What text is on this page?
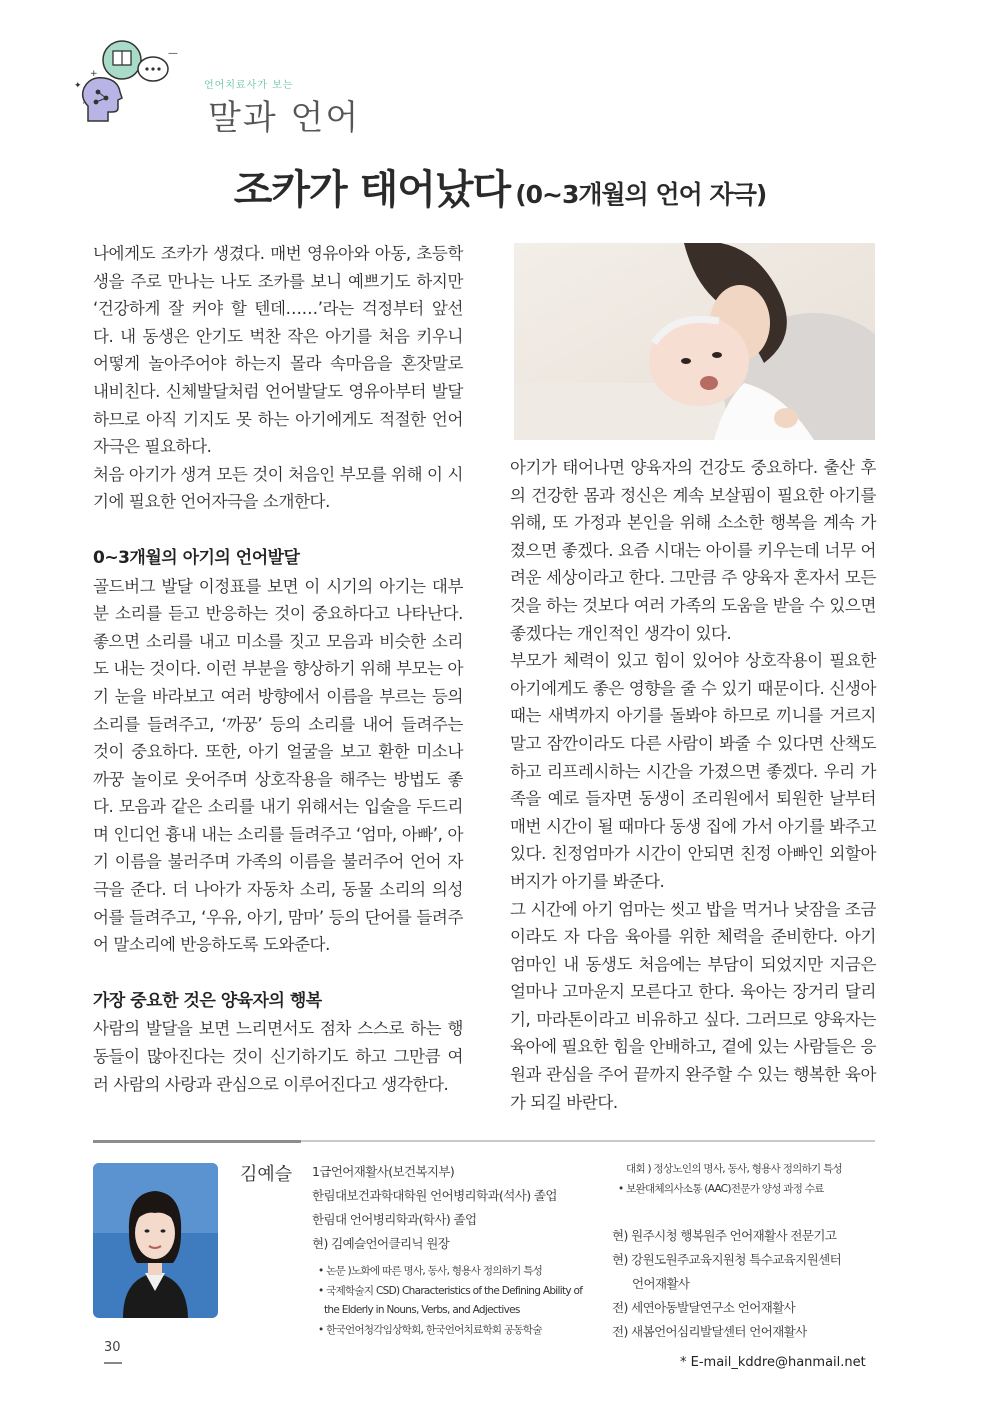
+
✦
·
—
언어치료사가 보는
말과 언어
조카가 태어났다 (0~3개월의 언어 자극)

나에게도 조카가 생겼다. 매번 영유아와 아동, 초등학생을 주로 만나는 나도 조카를 보니 예쁘기도 하지만 ‘건강하게 잘 커야 할 텐데……’라는 걱정부터 앞선다. 내 동생은 안기도 벅찬 작은 아기를 처음 키우니 어떻게 놀아주어야 하는지 몰라 속마음을 혼잣말로 내비친다. 신체발달처럼 언어발달도 영유아부터 발달하므로 아직 기지도 못 하는 아기에게도 적절한 언어 자극은 필요하다.

처음 아기가 생겨 모든 것이 처음인 부모를 위해 이 시기에 필요한 언어자극을 소개한다.

0~3개월의 아기의 언어발달

골드버그 발달 이정표를 보면 이 시기의 아기는 대부분 소리를 듣고 반응하는 것이 중요하다고 나타난다. 좋으면 소리를 내고 미소를 짓고 모음과 비슷한 소리도 내는 것이다. 이런 부분을 향상하기 위해 부모는 아기 눈을 바라보고 여러 방향에서 이름을 부르는 등의 소리를 들려주고, ‘까꿍’ 등의 소리를 내어 들려주는 것이 중요하다. 또한, 아기 얼굴을 보고 환한 미소나 까꿍 놀이로 웃어주며 상호작용을 해주는 방법도 좋다. 모음과 같은 소리를 내기 위해서는 입술을 두드리며 인디언 흉내 내는 소리를 들려주고 ‘엄마, 아빠’, 아기 이름을 불러주며 가족의 이름을 불러주어 언어 자극을 준다. 더 나아가 자동차 소리, 동물 소리의 의성어를 들려주고, ‘우유, 아기, 맘마’ 등의 단어를 들려주어 말소리에 반응하도록 도와준다.

가장 중요한 것은 양육자의 행복

사람의 발달을 보면 느리면서도 점차 스스로 하는 행동들이 많아진다는 것이 신기하기도 하고 그만큼 여러 사람의 사랑과 관심으로 이루어진다고 생각한다.

아기가 태어나면 양육자의 건강도 중요하다. 출산 후의 건강한 몸과 정신은 계속 보살핌이 필요한 아기를 위해, 또 가정과 본인을 위해 소소한 행복을 계속 가졌으면 좋겠다. 요즘 시대는 아이를 키우는데 너무 어려운 세상이라고 한다. 그만큼 주 양육자 혼자서 모든 것을 하는 것보다 여러 가족의 도움을 받을 수 있으면 좋겠다는 개인적인 생각이 있다.

부모가 체력이 있고 힘이 있어야 상호작용이 필요한 아기에게도 좋은 영향을 줄 수 있기 때문이다. 신생아 때는 새벽까지 아기를 돌봐야 하므로 끼니를 거르지 말고 잠깐이라도 다른 사람이 봐줄 수 있다면 산책도 하고 리프레시하는 시간을 가졌으면 좋겠다. 우리 가족을 예로 들자면 동생이 조리원에서 퇴원한 날부터 매번 시간이 될 때마다 동생 집에 가서 아기를 봐주고 있다. 친정엄마가 시간이 안되면 친정 아빠인 외할아버지가 아기를 봐준다.

그 시간에 아기 엄마는 씻고 밥을 먹거나 낮잠을 조금이라도 자 다음 육아를 위한 체력을 준비한다. 아기 엄마인 내 동생도 처음에는 부담이 되었지만 지금은 얼마나 고마운지 모른다고 한다. 육아는 장거리 달리기, 마라톤이라고 비유하고 싶다. 그러므로 양육자는 육아에 필요한 힘을 안배하고, 곁에 있는 사람들은 응원과 관심을 주어 끝까지 완주할 수 있는 행복한 육아가 되길 바란다.

김예슬 1급언어재활사(보건복지부)
한림대보건과학대학원 언어병리학과(석사) 졸업
한림대 언어병리학과(학사) 졸업
현) 김예슬언어클리닉 원장
• 논문 )노화에 따른 명사, 동사, 형용사 정의하기 특성
• 국제학술지 CSD) Characteristics of the Defining Ability of
the Elderly in Nouns, Verbs, and Adjectives
• 한국언어청각임상학회, 한국언어치료학회 공동학술
대회 ) 정상노인의 명사, 동사, 형용사 정의하기 특성
• 보완대체의사소통 (AAC)전문가 양성 과정 수료
현) 원주시청 행복원주 언어재활사 전문기고
현) 강원도원주교육지원청 특수교육지원센터
언어재활사
전) 세연아동발달연구소 언어재활사
전) 새봄언어심리발달센터 언어재활사
30
* E-mail_kddre@hanmail.net
